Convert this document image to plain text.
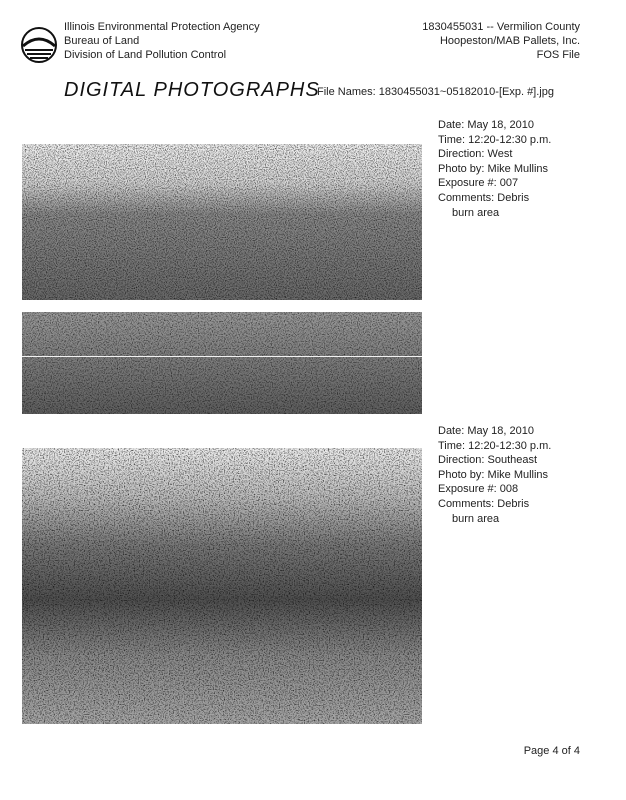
Illinois Environmental Protection Agency
Bureau of Land
Division of Land Pollution Control
1830455031 -- Vermilion County
Hoopeston/MAB Pallets, Inc.
FOS File
DIGITAL PHOTOGRAPHS
File Names: 1830455031~05182010-[Exp. #].jpg
Date: May 18, 2010
Time: 12:20-12:30 p.m.
Direction: West
Photo by: Mike Mullins
Exposure #: 007
Comments: Debris
burn area
Date: May 18, 2010
Time: 12:20-12:30 p.m.
Direction: Southeast
Photo by: Mike Mullins
Exposure #: 008
Comments: Debris
burn area
Page 4 of 4
